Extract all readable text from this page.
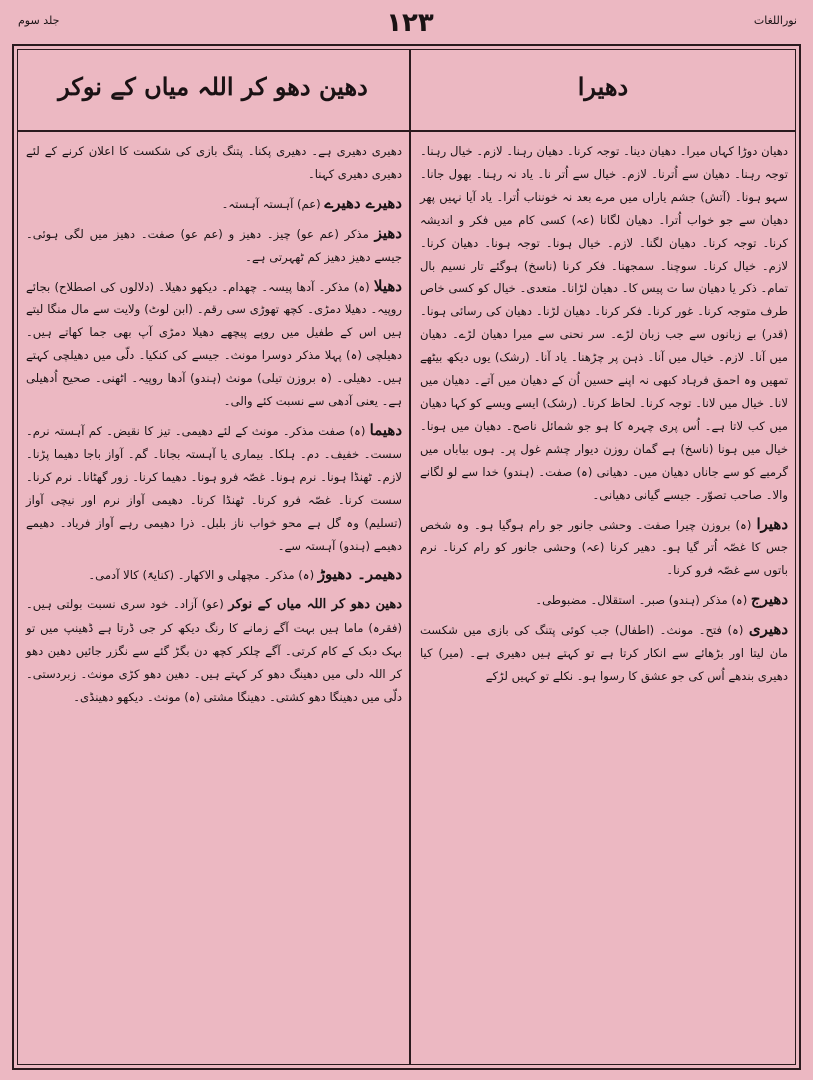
جلد سوم	۱۲۳	نوراللغات
دھین دھو کر اللہ میاں کے نوکر	دھیرا

دھیان دوڑا کہاں میرا۔ دھیان دینا۔ توجہ کرنا۔ دھیان رہنا۔ لازم۔ خیال رہنا۔ توجہ رہنا۔ دھیان سے اُترنا۔ لازم۔ خیال سے اُتر نا۔ یاد نہ رہنا۔ بھول جانا۔ سہو ہونا۔ (آتش) جشم یاراں میں مرے بعد نہ خونناب اُترا۔ یاد آیا نہیں پھر دھیان سے جو خواب اُترا۔ دھیان لگانا (عہ) کسی کام میں فکر و اندیشہ کرنا۔ توجہ کرنا۔ دھیان لگنا۔ لازم۔ خیال ہونا۔ توجہ ہونا۔ دھیان کرنا۔ لازم۔ خیال کرنا۔ سوچنا۔ سمجھنا۔ فکر کرنا (ناسخ) ہوگئے تار نسیم بال تمام۔ ذکر یا دھیان سا ت پیس کا۔ دھیان لڑانا۔ متعدی۔ خیال کو کسی خاص طرف متوجہ کرنا۔ غور کرنا۔ فکر کرنا۔ دھیان لڑنا۔ دھیان کی رسائی ہونا۔ (قدر) بے زبانوں سے جب زبان لڑے۔ سر نحنی سے میرا دھیان لڑے۔ دھیان میں آنا۔ لازم۔ خیال میں آنا۔ ذہن پر چڑھنا۔ یاد آنا۔ (رشک) یوں دیکھ بیٹھے تمھیں وہ احمق فرہاد کبھی نہ اپنے حسین اُن کے دھیان میں آتے۔ دھیان میں لانا۔ خیال میں لانا۔ توجہ کرنا۔ لحاظ کرنا۔ (رشک) ایسے ویسے کو کہا دھیان میں کب لاتا ہے۔ اُس پری چہرہ کا ہو جو شمائل ناصح۔ دھیان میں ہونا۔ خیال میں ہونا (ناسخ) ہے گمان روزن دیوار چشم غول پر۔ ہوں بیاباں میں گرمیے کو سے جاناں دھیان میں۔ دھیانی (ہ) صفت۔ (ہندو) خدا سے لو لگانے والا۔ صاحب تصوّر۔ جیسے گیانی دھیانی۔

دھیرا (ہ) بروزن چیرا صفت۔ وحشی جانور جو رام ہوگیا ہو۔ وہ شخص جس کا غصّہ اُتر گیا ہو۔ دھیر کرنا (عہ) وحشی جانور کو رام کرنا۔ نرم باتوں سے غصّہ فرو کرنا۔

دھیرج (ہ) مذکر (ہندو) صبر۔ استقلال۔ مضبوطی۔

دھیری (ہ) فتح۔ مونث۔ (اطفال) جب کوئی پتنگ کی بازی میں شکست مان لیتا اور بڑھائے سے انکار کرتا ہے تو کہتے ہیں دھیری ہے۔ (میر) کیا دھیری بندھے اُس کی جو عشق کا رسوا ہو۔ نکلے تو کہیں لڑکے

دھیری دھیری ہے۔ دھیری پکنا۔ پتنگ بازی کی شکست کا اعلان کرنے کے لئے دھیری دھیری کہنا۔

دھیرے دھیرے (عم) آہستہ آہستہ۔

دھیز مذکر (عم عو) چیز۔ دھیز و (عم عو) صفت۔ دھیز میں لگی ہوئی۔ جیسے دھیز دھیز کم ٹھہرتی ہے۔

دھیلا (ہ) مذکر۔ آدھا پیسہ۔ چھدام۔ دیکھو دھیلا۔ (دلالوں کی اصطلاح) بجائے روپیہ۔ دھیلا دمڑی۔ کچھ تھوڑی سی رقم۔ (ابن لوٹ) ولایت سے مال منگا لیتے ہیں اس کے طفیل میں روپے پیچھے دھیلا دمڑی آپ بھی جما کھاتے ہیں۔ دھیلچی (ہ) پہلا مذکر دوسرا مونث۔ جیسے کی کنکیا۔ دلّی میں دھیلچی کہتے ہیں۔ دھیلی۔ (ہ بروزن تیلی) مونث (ہندو) آدھا روپیہ۔ اٹھنی۔ صحیح اُدھیلی ہے۔ یعنی آدھی سے نسبت کئے والی۔

دھیما (ہ) صفت مذکر۔ مونث کے لئے دھیمی۔ تیز کا نقیض۔ کم آہستہ نرم۔ سست۔ خفیف۔ دم۔ ہلکا۔ بیماری یا آہستہ بجانا۔ گم۔ آواز باجا دھیما پڑنا۔ لازم۔ ٹھنڈا ہونا۔ نرم ہونا۔ غصّہ فرو ہونا۔ دھیما کرنا۔ زور گھٹانا۔ نرم کرنا۔ سست کرنا۔ غصّہ فرو کرنا۔ ٹھنڈا کرنا۔ دھیمی آواز نرم اور نیچی آواز (تسلیم) وہ گل ہے محو خواب ناز بلبل۔ ذرا دھیمی رہے آواز فریاد۔ دھیمے دھیمے (ہندو) آہستہ سے۔

دھیمر۔ دھیوڑ (ہ) مذکر۔ مچھلی و الاکھار۔ (کنایۃً) کالا آدمی۔

دھین دھو کر اللہ میاں کے نوکر (عو) آزاد۔ خود سری نسبت بولتی ہیں۔ (فقرہ) ماما ہیں بہت آگے زمانے کا رنگ دیکھ کر جی ڈرتا ہے ڈھینپ میں تو بہک دبک کے کام کرتی۔ آگے چلکر کچھ دن بگڑ گئے سے نگزر جائیں دھین دھو کر اللہ دلی میں دھینگ دھو کر کہتے ہیں۔ دھین دھو کڑی مونث۔ زبردستی۔ دلّی میں دھینگا دھو کشتی۔ دھینگا مشتی (ہ) مونث۔ دیکھو دھینڈی۔
